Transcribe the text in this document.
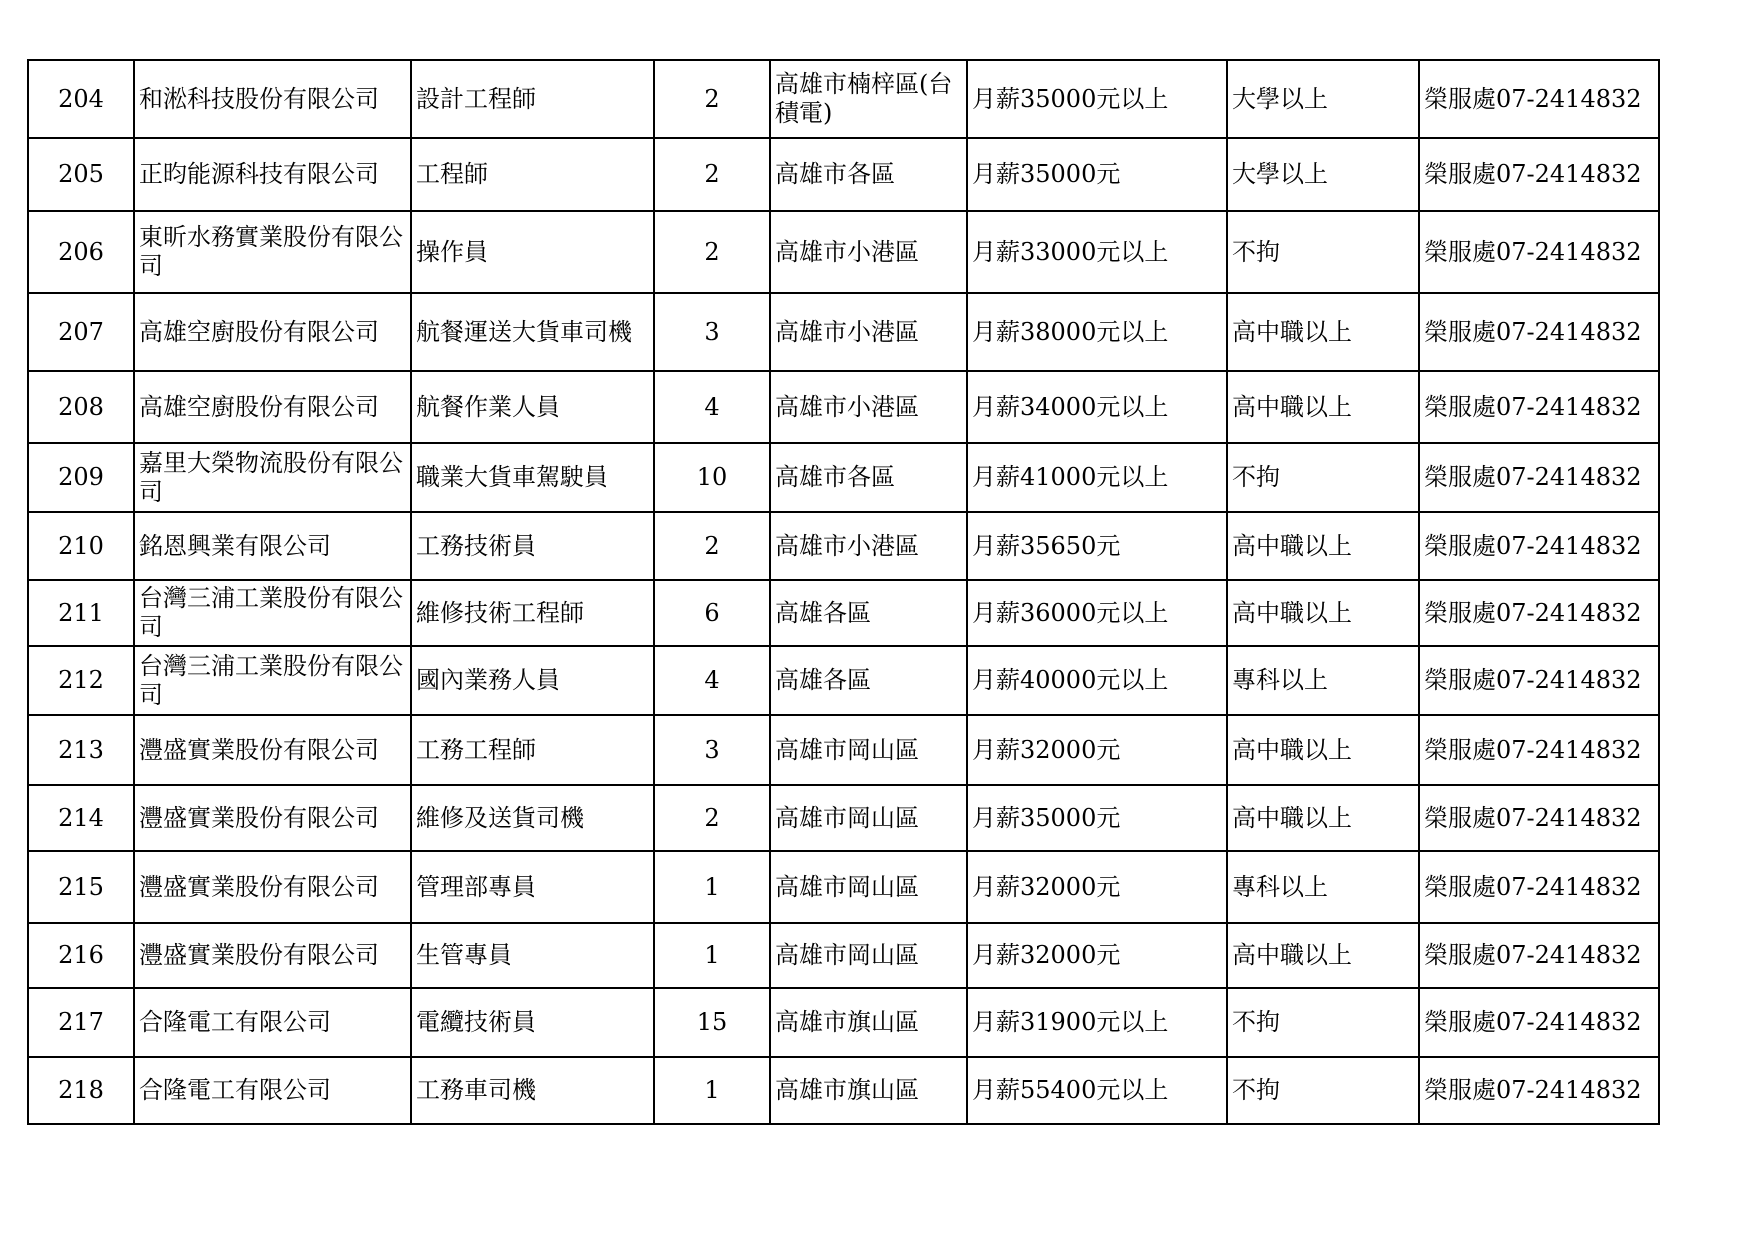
204	和淞科技股份有限公司	設計工程師	2	高雄市楠梓區(台積電)	月薪35000元以上	大學以上	榮服處07-2414832
205	正昀能源科技有限公司	工程師	2	高雄市各區	月薪35000元	大學以上	榮服處07-2414832
206	東昕水務實業股份有限公司	操作員	2	高雄市小港區	月薪33000元以上	不拘	榮服處07-2414832
207	高雄空廚股份有限公司	航餐運送大貨車司機	3	高雄市小港區	月薪38000元以上	高中職以上	榮服處07-2414832
208	高雄空廚股份有限公司	航餐作業人員	4	高雄市小港區	月薪34000元以上	高中職以上	榮服處07-2414832
209	嘉里大榮物流股份有限公司	職業大貨車駕駛員	10	高雄市各區	月薪41000元以上	不拘	榮服處07-2414832
210	銘恩興業有限公司	工務技術員	2	高雄市小港區	月薪35650元	高中職以上	榮服處07-2414832
211	台灣三浦工業股份有限公司	維修技術工程師	6	高雄各區	月薪36000元以上	高中職以上	榮服處07-2414832
212	台灣三浦工業股份有限公司	國內業務人員	4	高雄各區	月薪40000元以上	專科以上	榮服處07-2414832
213	灃盛實業股份有限公司	工務工程師	3	高雄市岡山區	月薪32000元	高中職以上	榮服處07-2414832
214	灃盛實業股份有限公司	維修及送貨司機	2	高雄市岡山區	月薪35000元	高中職以上	榮服處07-2414832
215	灃盛實業股份有限公司	管理部專員	1	高雄市岡山區	月薪32000元	專科以上	榮服處07-2414832
216	灃盛實業股份有限公司	生管專員	1	高雄市岡山區	月薪32000元	高中職以上	榮服處07-2414832
217	合隆電工有限公司	電纜技術員	15	高雄市旗山區	月薪31900元以上	不拘	榮服處07-2414832
218	合隆電工有限公司	工務車司機	1	高雄市旗山區	月薪55400元以上	不拘	榮服處07-2414832
